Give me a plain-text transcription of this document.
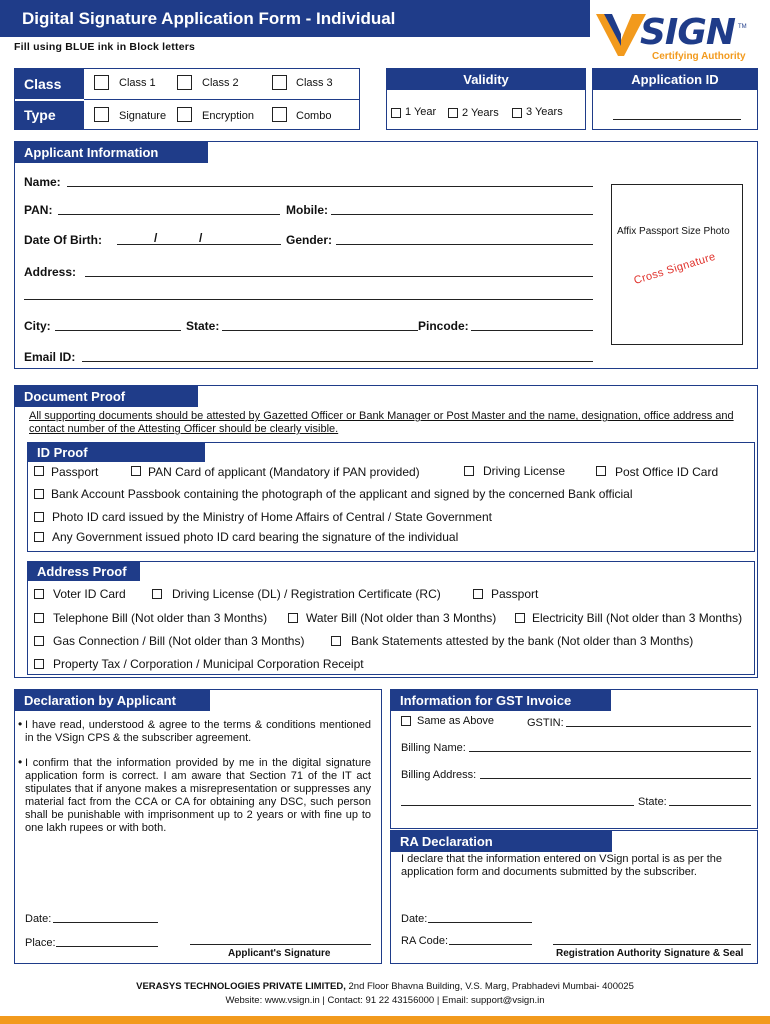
Digital Signature Application Form - Individual
Fill using BLUE ink in Block letters	SIGN TM
Certifying Authority
Class
Type
Class 1	Class 2	Class 3
Signature	Encryption	Combo
Validity
1 Year 2 Years 3 Years
Application ID
Applicant Information
Name:
PAN:	Mobile:
Date Of Birth:	/	/	Gender:
Address:
City:	State:	Pincode:
Email ID:
Affix Passport Size Photo
Cross Signature
Document Proof
All supporting documents should be attested by Gazetted Officer or Bank Manager or Post Master and the name, designation, office address and contact number of the Attesting Officer should be clearly visible.
ID Proof
Passport	PAN Card of applicant (Mandatory if PAN provided)	Driving License	Post Office ID Card
Bank Account Passbook containing the photograph of the applicant and signed by the concerned Bank official
Photo ID card issued by the Ministry of Home Affairs of Central / State Government
Any Government issued photo ID card bearing the signature of the individual
Address Proof
Voter ID Card	Driving License (DL) / Registration Certificate (RC)	Passport
Telephone Bill (Not older than 3 Months)	Water Bill (Not older than 3 Months)	Electricity Bill (Not older than 3 Months)
Gas Connection / Bill (Not older than 3 Months)	Bank Statements attested by the bank (Not older than 3 Months)
Property Tax / Corporation / Municipal Corporation Receipt
Declaration by Applicant
• I have read, understood & agree to the terms & conditions mentioned in the VSign CPS & the subscriber agreement.
• I confirm that the information provided by me in the digital signature application form is correct. I am aware that Section 71 of the IT act stipulates that if anyone makes a misrepresentation or suppresses any material fact from the CCA or CA for obtaining any DSC, such person shall be punishable with imprisonment up to 2 years or with fine up to one lakh rupees or with both.
Date:
Place:
Applicant's Signature
Information for GST Invoice
Same as Above	GSTIN:
Billing Name:
Billing Address:
State:
RA Declaration
I declare that the information entered on VSign portal is as per the application form and documents submitted by the subscriber.
Date:
RA Code:
Registration Authority Signature & Seal
VERASYS TECHNOLOGIES PRIVATE LIMITED, 2nd Floor Bhavna Building, V.S. Marg, Prabhadevi Mumbai- 400025
Website: www.vsign.in | Contact: 91 22 43156000 | Email: support@vsign.in
